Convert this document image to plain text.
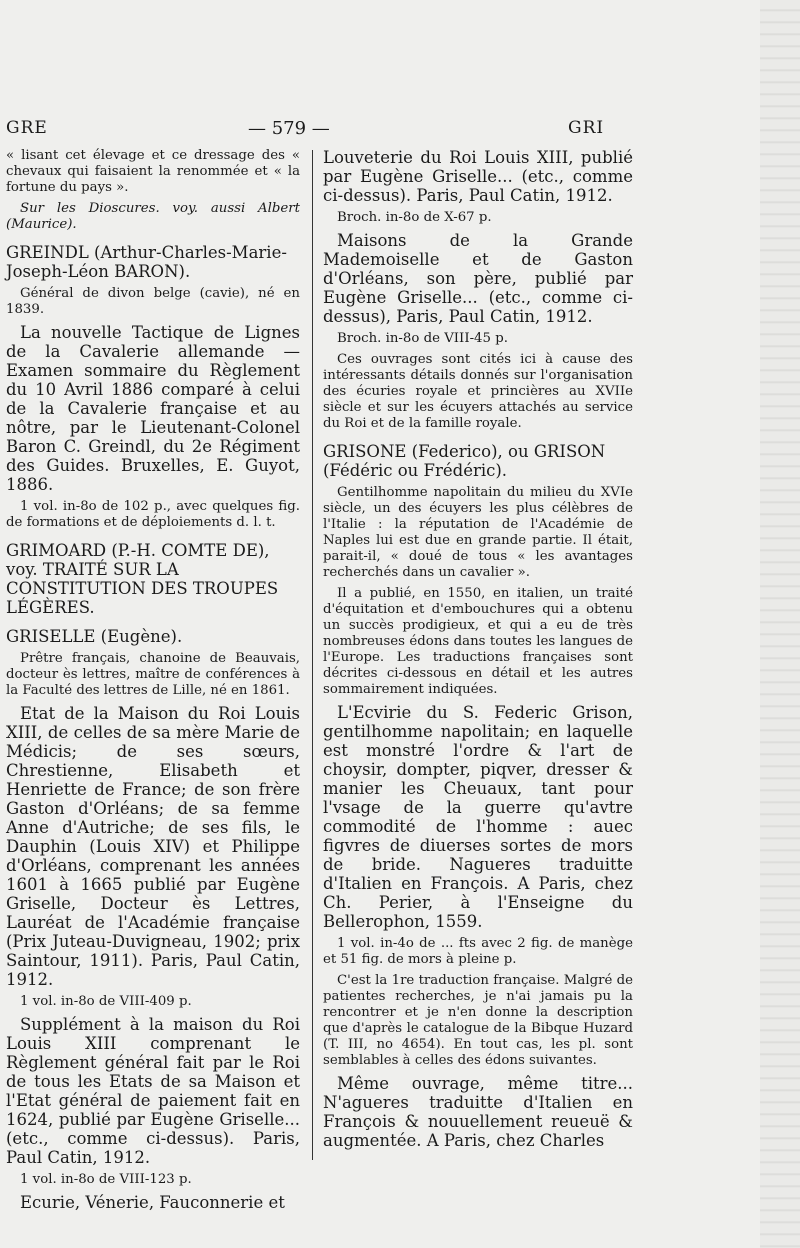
GRE	— 579 —	GRI
« lisant cet élevage et ce dressage des « chevaux qui faisaient la renommée et « la fortune du pays ».
Sur les Dioscures. voy. aussi Albert (Maurice).
GREINDL (Arthur-Charles-Marie-Joseph-Léon BARON).
Général de divon belge (cavie), né en 1839.
La nouvelle Tactique de Lignes de la Cavalerie allemande — Examen sommaire du Règlement du 10 Avril 1886 comparé à celui de la Cavalerie française et au nôtre, par le Lieutenant-Colonel Baron C. Greindl, du 2e Régiment des Guides. Bruxelles, E. Guyot, 1886.
1 vol. in-8o de 102 p., avec quelques fig. de formations et de déploiements d. l. t.
GRIMOARD (P.-H. COMTE DE), voy. TRAITÉ SUR LA CONSTITUTION DES TROUPES LÉGÈRES.
GRISELLE (Eugène).
Prêtre français, chanoine de Beauvais, docteur ès lettres, maître de conférences à la Faculté des lettres de Lille, né en 1861.
Etat de la Maison du Roi Louis XIII, de celles de sa mère Marie de Médicis; de ses sœurs, Chrestienne, Elisabeth et Henriette de France; de son frère Gaston d'Orléans; de sa femme Anne d'Autriche; de ses fils, le Dauphin (Louis XIV) et Philippe d'Orléans, comprenant les années 1601 à 1665 publié par Eugène Griselle, Docteur ès Lettres, Lauréat de l'Académie française (Prix Juteau-Duvigneau, 1902; prix Saintour, 1911). Paris, Paul Catin, 1912.
1 vol. in-8o de VIII-409 p.
Supplément à la maison du Roi Louis XIII comprenant le Règlement général fait par le Roi de tous les Etats de sa Maison et l'Etat général de paiement fait en 1624, publié par Eugène Griselle... (etc., comme ci-dessus). Paris, Paul Catin, 1912.
1 vol. in-8o de VIII-123 p.
Ecurie, Vénerie, Fauconnerie et
Louveterie du Roi Louis XIII, publié par Eugène Griselle... (etc., comme ci-dessus). Paris, Paul Catin, 1912.
Broch. in-8o de X-67 p.
Maisons de la Grande Mademoiselle et de Gaston d'Orléans, son père, publié par Eugène Griselle... (etc., comme ci-dessus), Paris, Paul Catin, 1912.
Broch. in-8o de VIII-45 p.
Ces ouvrages sont cités ici à cause des intéressants détails donnés sur l'organisation des écuries royale et princières au XVIIe siècle et sur les écuyers attachés au service du Roi et de la famille royale.
GRISONE (Federico), ou GRISON (Fédéric ou Frédéric).
Gentilhomme napolitain du milieu du XVIe siècle, un des écuyers les plus célèbres de l'Italie : la réputation de l'Académie de Naples lui est due en grande partie. Il était, parait-il, « doué de tous « les avantages recherchés dans un cavalier ».
Il a publié, en 1550, en italien, un traité d'équitation et d'embouchures qui a obtenu un succès prodigieux, et qui a eu de très nombreuses édons dans toutes les langues de l'Europe. Les traductions françaises sont décrites ci-dessous en détail et les autres sommairement indiquées.
L'Ecvirie du S. Federic Grison, gentilhomme napolitain; en laquelle est monstré l'ordre & l'art de choysir, dompter, piqver, dresser & manier les Cheuaux, tant pour l'vsage de la guerre qu'avtre commodité de l'homme : auec figvres de diuerses sortes de mors de bride. Nagueres traduitte d'Italien en François. A Paris, chez Ch. Perier, à l'Enseigne du Bellerophon, 1559.
1 vol. in-4o de ... fts avec 2 fig. de manège et 51 fig. de mors à pleine p.
C'est la 1re traduction française. Malgré de patientes recherches, je n'ai jamais pu la rencontrer et je n'en donne la description que d'après le catalogue de la Bibque Huzard (T. III, no 4654). En tout cas, les pl. sont semblables à celles des édons suivantes.
Même ouvrage, même titre... N'agueres traduitte d'Italien en François & nouuellement reueuë & augmentée. A Paris, chez Charles
